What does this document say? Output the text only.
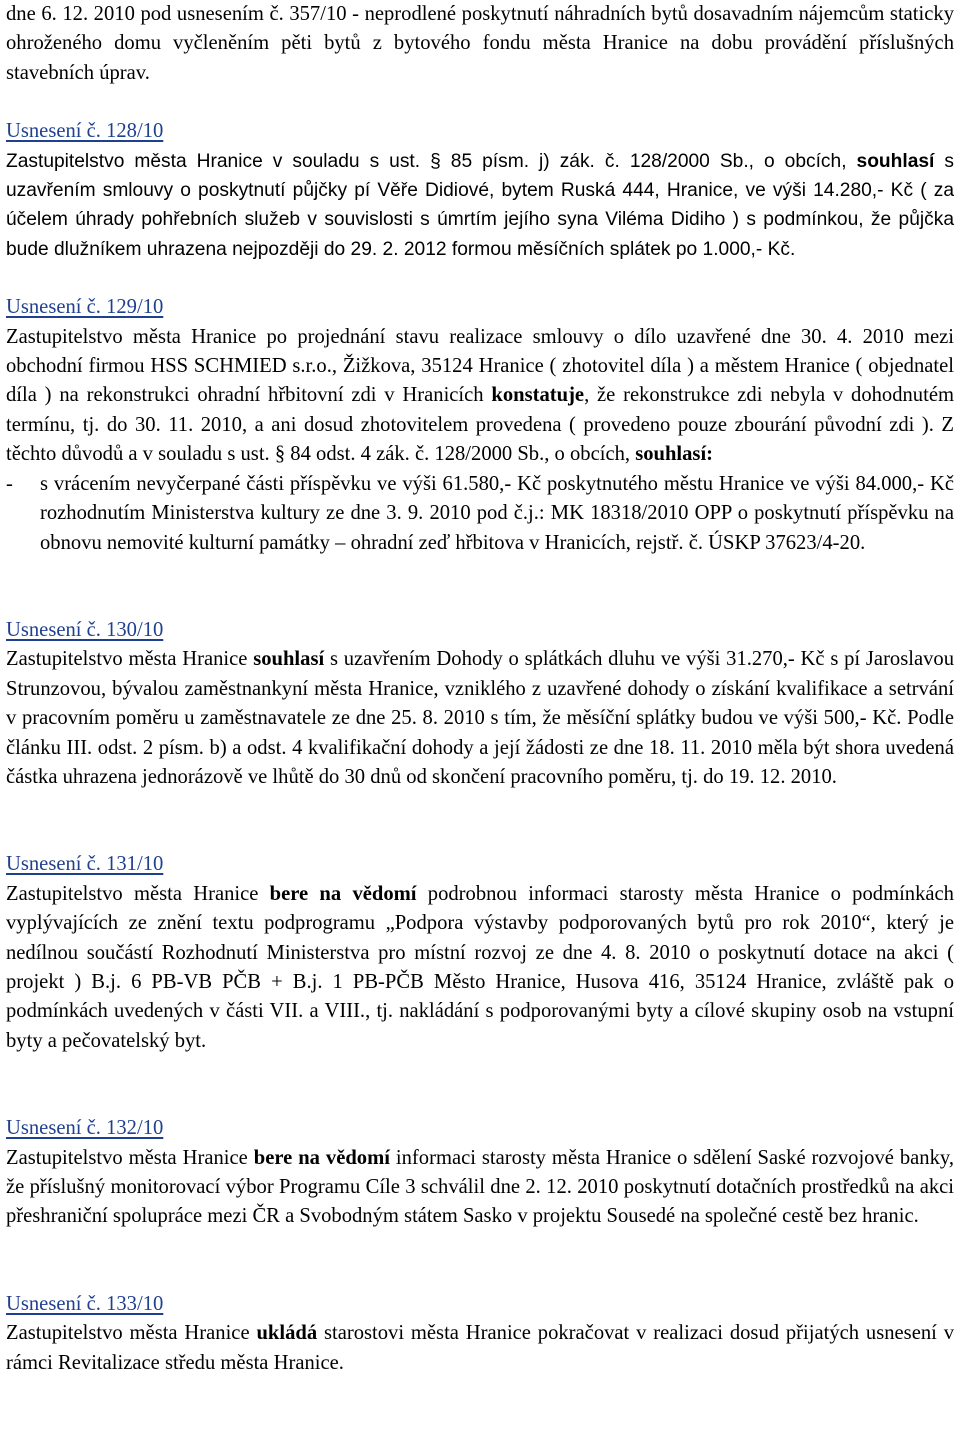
dne 6. 12. 2010 pod usnesením č. 357/10 - neprodlené poskytnutí náhradních bytů dosavadním nájemcům staticky ohroženého domu vyčleněním pěti bytů z bytového fondu města Hranice na dobu provádění příslušných stavebních úprav.

Usnesení č. 128/10

Zastupitelstvo města Hranice v souladu s ust. § 85 písm. j) zák. č. 128/2000 Sb., o obcích, souhlasí s uzavřením smlouvy o poskytnutí půjčky pí Věře Didiové, bytem Ruská 444, Hranice, ve výši 14.280,- Kč ( za účelem úhrady pohřebních služeb v souvislosti s úmrtím jejího syna Viléma Didiho ) s podmínkou, že půjčka bude dlužníkem uhrazena nejpozději do 29. 2. 2012 formou měsíčních splátek po 1.000,- Kč.

Usnesení č. 129/10

Zastupitelstvo města Hranice po projednání stavu realizace smlouvy o dílo uzavřené dne 30. 4. 2010 mezi obchodní firmou HSS SCHMIED s.r.o., Žižkova, 35124 Hranice ( zhotovitel díla ) a městem Hranice ( objednatel díla ) na rekonstrukci ohradní hřbitovní zdi v Hranicích konstatuje, že rekonstrukce zdi nebyla v dohodnutém termínu, tj. do 30. 11. 2010, a ani dosud zhotovitelem provedena ( provedeno pouze zbourání původní zdi ). Z těchto důvodů a v souladu s ust. § 84 odst. 4 zák. č. 128/2000 Sb., o obcích, souhlasí:

- s vrácením nevyčerpané části příspěvku ve výši 61.580,- Kč poskytnutého městu Hranice ve výši 84.000,- Kč rozhodnutím Ministerstva kultury ze dne 3. 9. 2010 pod č.j.: MK 18318/2010 OPP o poskytnutí příspěvku na obnovu nemovité kulturní památky – ohradní zeď hřbitova v Hranicích, rejstř. č. ÚSKP 37623/4-20.

Usnesení č. 130/10

Zastupitelstvo města Hranice souhlasí s uzavřením Dohody o splátkách dluhu ve výši 31.270,- Kč s pí Jaroslavou Strunzovou, bývalou zaměstnankyní města Hranice, vzniklého z uzavřené dohody o získání kvalifikace a setrvání v pracovním poměru u zaměstnavatele ze dne 25. 8. 2010 s tím, že měsíční splátky budou ve výši 500,- Kč. Podle článku III. odst. 2 písm. b) a odst. 4 kvalifikační dohody a její žádosti ze dne 18. 11. 2010 měla být shora uvedená částka uhrazena jednorázově ve lhůtě do 30 dnů od skončení pracovního poměru, tj. do 19. 12. 2010.

Usnesení č. 131/10

Zastupitelstvo města Hranice bere na vědomí podrobnou informaci starosty města Hranice o podmínkách vyplývajících ze znění textu podprogramu „Podpora výstavby podporovaných bytů pro rok 2010“, který je nedílnou součástí Rozhodnutí Ministerstva pro místní rozvoj ze dne 4. 8. 2010 o poskytnutí dotace na akci ( projekt ) B.j. 6 PB-VB PČB + B.j. 1 PB-PČB Město Hranice, Husova 416, 35124 Hranice, zvláště pak o podmínkách uvedených v části VII. a VIII., tj. nakládání s podporovanými byty a cílové skupiny osob na vstupní byty a pečovatelský byt.

Usnesení č. 132/10

Zastupitelstvo města Hranice bere na vědomí informaci starosty města Hranice o sdělení Saské rozvojové banky, že příslušný monitorovací výbor Programu Cíle 3 schválil dne 2. 12. 2010 poskytnutí dotačních prostředků na akci přeshraniční spolupráce mezi ČR a Svobodným státem Sasko v projektu Sousedé na společné cestě bez hranic.

Usnesení č. 133/10

Zastupitelstvo města Hranice ukládá starostovi města Hranice pokračovat v realizaci dosud přijatých usnesení v rámci Revitalizace středu města Hranice.
